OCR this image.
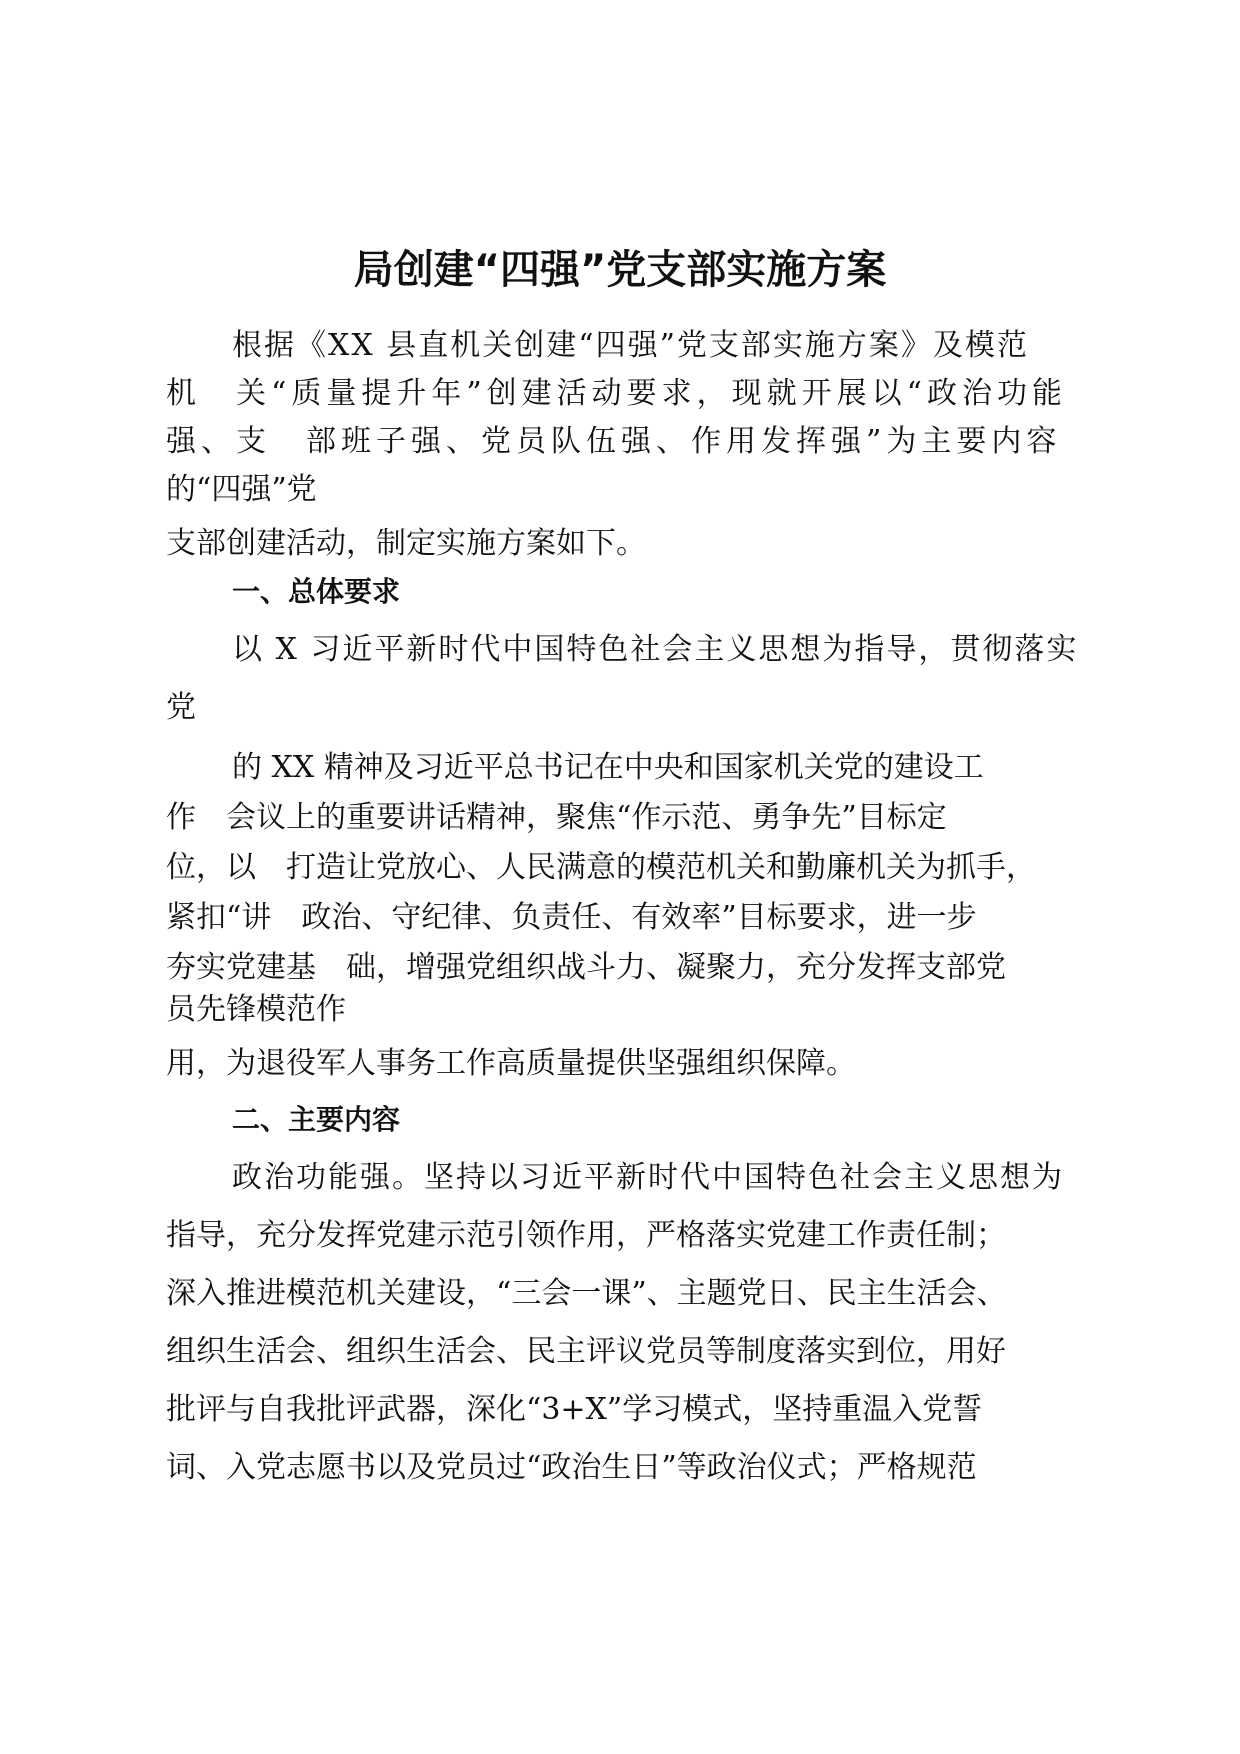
局创建“四强”党支部实施方案

根据《XX 县直机关创建“四强”党支部实施方案》及模范

机　关“质量提升年”创建活动要求，现就开展以“政治功能

强、支　部班子强、党员队伍强、作用发挥强”为主要内容

的“四强”党

支部创建活动，制定实施方案如下。

一、总体要求

以 X 习近平新时代中国特色社会主义思想为指导，贯彻落实

党

的 XX 精神及习近平总书记在中央和国家机关党的建设工

作　会议上的重要讲话精神，聚焦“作示范、勇争先”目标定

位，以　打造让党放心、人民满意的模范机关和勤廉机关为抓手，

紧扣“讲　政治、守纪律、负责任、有效率”目标要求，进一步

夯实党建基　础，增强党组织战斗力、凝聚力，充分发挥支部党

员先锋模范作

用，为退役军人事务工作高质量提供坚强组织保障。

二、主要内容

政治功能强。坚持以习近平新时代中国特色社会主义思想为

指导，充分发挥党建示范引领作用，严格落实党建工作责任制；

深入推进模范机关建设，“三会一课”、主题党日、民主生活会、

组织生活会、组织生活会、民主评议党员等制度落实到位，用好

批评与自我批评武器，深化“3+X”学习模式，坚持重温入党誓

词、入党志愿书以及党员过“政治生日”等政治仪式；严格规范
